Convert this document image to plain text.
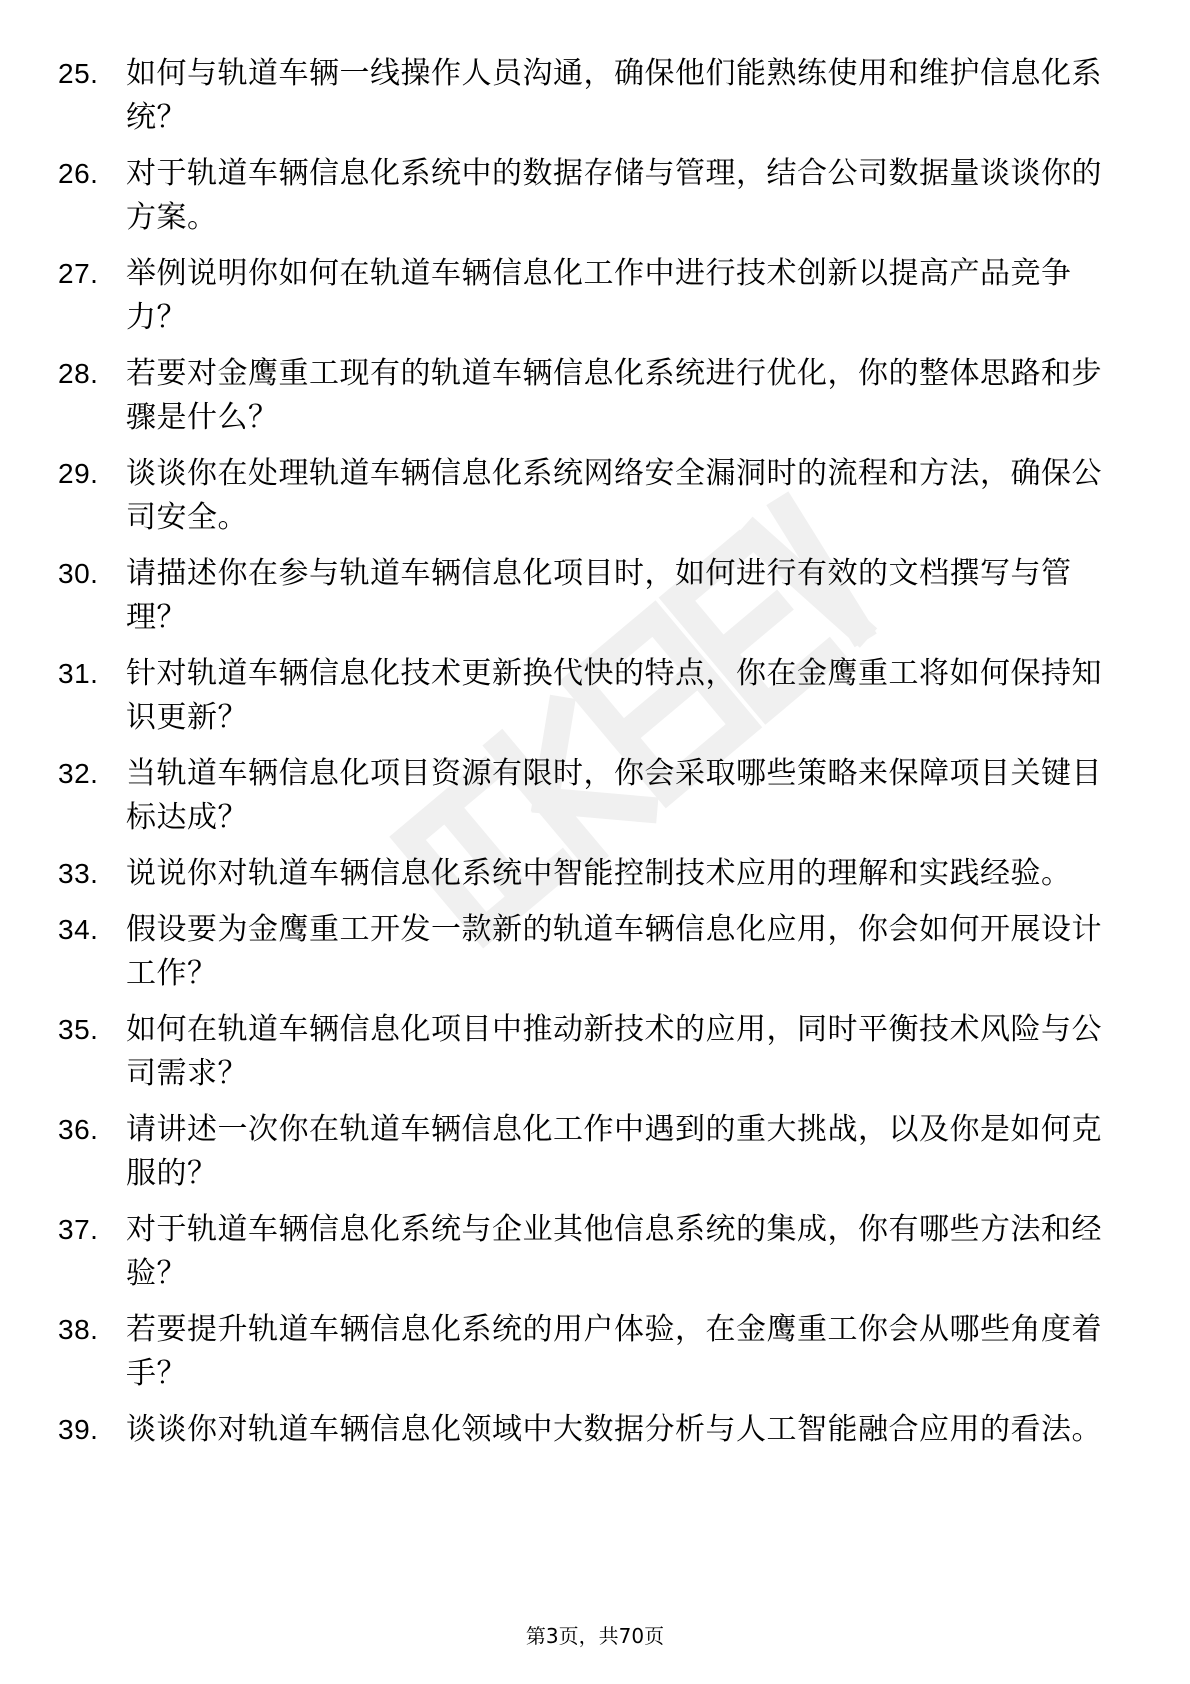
25. 如何与轨道车辆一线操作人员沟通，确保他们能熟练使用和维护信息化系统？
26. 对于轨道车辆信息化系统中的数据存储与管理，结合公司数据量谈谈你的方案。
27. 举例说明你如何在轨道车辆信息化工作中进行技术创新以提高产品竞争力？
28. 若要对金鹰重工现有的轨道车辆信息化系统进行优化，你的整体思路和步骤是什么？
29. 谈谈你在处理轨道车辆信息化系统网络安全漏洞时的流程和方法，确保公司安全。
30. 请描述你在参与轨道车辆信息化项目时，如何进行有效的文档撰写与管理？
31. 针对轨道车辆信息化技术更新换代快的特点，你在金鹰重工将如何保持知识更新？
32. 当轨道车辆信息化项目资源有限时，你会采取哪些策略来保障项目关键目标达成？
33. 说说你对轨道车辆信息化系统中智能控制技术应用的理解和实践经验。
34. 假设要为金鹰重工开发一款新的轨道车辆信息化应用，你会如何开展设计工作？
35. 如何在轨道车辆信息化项目中推动新技术的应用，同时平衡技术风险与公司需求？
36. 请讲述一次你在轨道车辆信息化工作中遇到的重大挑战，以及你是如何克服的？
37. 对于轨道车辆信息化系统与企业其他信息系统的集成，你有哪些方法和经验？
38. 若要提升轨道车辆信息化系统的用户体验，在金鹰重工你会从哪些角度着手？
39. 谈谈你对轨道车辆信息化领域中大数据分析与人工智能融合应用的看法。
第3页，共70页
